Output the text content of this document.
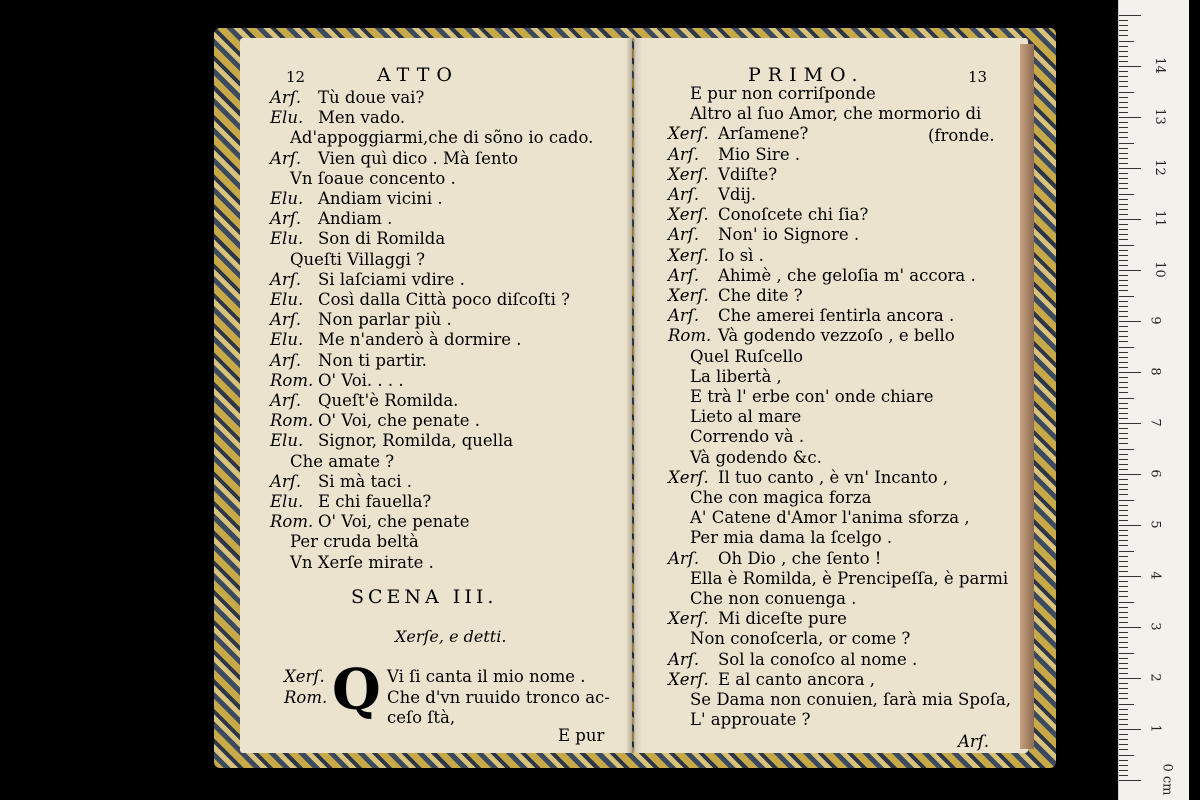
12	ATTO	13
PRIMO.
Arſ. Tù doue vai?
Elu. Men vado.
Ad'appoggiarmi,che di sõno io cado.
Arſ. Vien quì dico . Mà ſento
Vn ſoaue concento .
Elu. Andiam vicini .
Arſ. Andiam .
Elu. Son di Romilda
Queſti Villaggi ?
Arſ. Si laſciami vdire .
Elu. Così dalla Città poco diſcoſti ?
Arſ. Non parlar più .
Elu. Me n'anderò à dormire .
Arſ. Non ti partir.
Rom. O' Voi. . . .
Arſ. Queſt'è Romilda.
Rom. O' Voi, che penate .
Elu. Signor, Romilda, quella
Che amate ?
Arſ. Si mà taci .
Elu. E chi fauella?
Rom. O' Voi, che penate
Per cruda beltà
Vn Xerſe mirate .
E pur non corriſponde
Altro al ſuo Amor, che mormorio di
Xerſ. Arſamene?
Arſ. Mio Sire .
Xerſ. Vdiſte?
Arſ. Vdij.
Xerſ. Conoſcete chi ſia?
Arſ. Non' io Signore .
Xerſ. Io sì .
Arſ. Ahimè , che geloſia m' accora .
Xerſ. Che dite ?
Arſ. Che amerei ſentirla ancora .
Rom. Và godendo vezzoſo , e bello
Quel Ruſcello
La libertà ,
E trà l' erbe con' onde chiare
Lieto al mare
Correndo và .
Và godendo &c.
Xerſ. Il tuo canto , è vn' Incanto ,
Che con magica forza
A' Catene d'Amor l'anima sforza ,
Per mia dama la ſcelgo .
Arſ. Oh Dio , che ſento !
Ella è Romilda, è Prencipeſſa, è parmi
Che non conuenga .
Xerſ. Mi diceſte pure
Non conoſcerla, or come ?
Arſ. Sol la conoſco al nome .
Xerſ. E al canto ancora ,
Se Dama non conuien, ſarà mia Spoſa,
L' approuate ?
(fronde.
SCENA III.
Xerſe, e detti.
Q
Xerſ.	Vi ſi canta il mio nome .
Rom.	Che d'vn ruuido tronco ac-
ceſo ſtà,
E pur	Arſ.
14
13
12
11
10
9
8
7
6
5
4
3
2
1
0 cm
